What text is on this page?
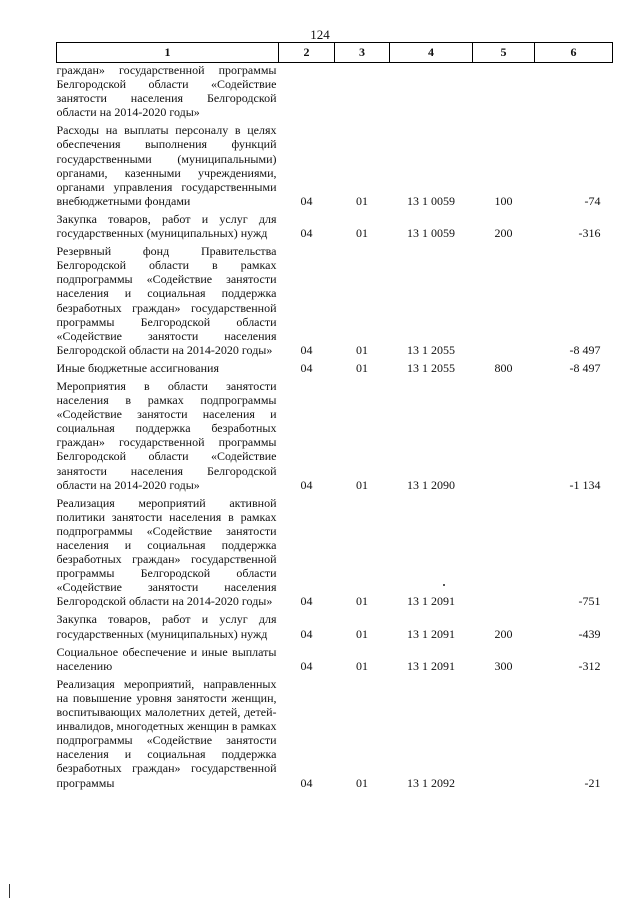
124
1	2	3	4	5	6
граждан» государственной программы Белгородской области «Содействие занятости населения Белгородской области на 2014-2020 годы»					

Расходы на выплаты персоналу в целях обеспечения выполнения функций государственными (муниципальными) органами, казенными учреждениями, органами управления государственными внебюджетными фондами	04	01	13 1 0059	100	-74

Закупка товаров, работ и услуг для государственных (муниципальных) нужд	04	01	13 1 0059	200	-316

Резервный фонд Правительства Белгородской области в рамках подпрограммы «Содействие занятости населения и социальная поддержка безработных граждан» государственной программы Белгородской области «Содействие занятости населения Белгородской области на 2014-2020 годы»	04	01	13 1 2055		-8 497

Иные бюджетные ассигнования	04	01	13 1 2055	800	-8 497

Мероприятия в области занятости населения в рамках подпрограммы «Содействие занятости населения и социальная поддержка безработных граждан» государственной программы Белгородской области «Содействие занятости населения Белгородской области на 2014-2020 годы»	04	01	13 1 2090		-1 134

Реализация мероприятий активной политики занятости населения в рамках подпрограммы «Содействие занятости населения и социальная поддержка безработных граждан» государственной программы Белгородской области «Содействие занятости населения Белгородской области на 2014-2020 годы»	04	01	13 1 2091		-751

Закупка товаров, работ и услуг для государственных (муниципальных) нужд	04	01	13 1 2091	200	-439

Социальное обеспечение и иные выплаты населению	04	01	13 1 2091	300	-312

Реализация мероприятий, направленных на повышение уровня занятости женщин, воспитывающих малолетних детей, детей-инвалидов, многодетных женщин в рамках подпрограммы «Содействие занятости населения и социальная поддержка безработных граждан» государственной программы	04	01	13 1 2092		-21
